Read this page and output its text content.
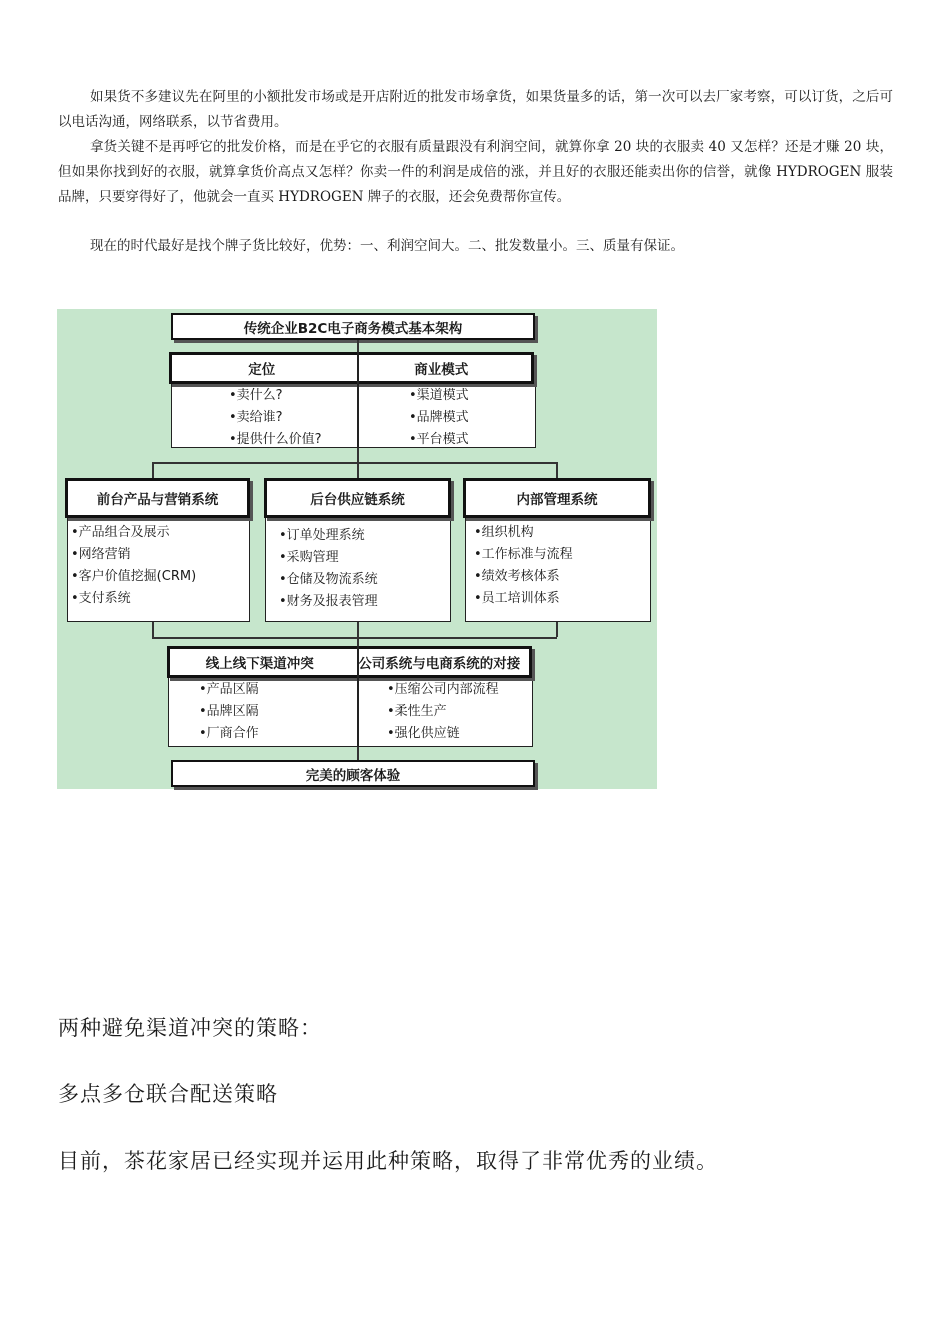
如果货不多建议先在阿里的小额批发市场或是开店附近的批发市场拿货，如果货量多的话，第一次可以去厂家考察，可以订货，之后可以电话沟通，网络联系，以节省费用。

拿货关键不是再呼它的批发价格，而是在乎它的衣服有质量跟没有利润空间，就算你拿 20 块的衣服卖 40 又怎样？还是才赚 20 块，但如果你找到好的衣服，就算拿货价高点又怎样？你卖一件的利润是成倍的涨，并且好的衣服还能卖出你的信誉，就像 HYDROGEN 服装 品牌，只要穿得好了，他就会一直买 HYDROGEN 牌子的衣服，还会免费帮你宣传。

现在的时代最好是找个牌子货比较好，优势：一、利润空间大。二、批发数量小。三、质量有保证。

传统企业B2C电子商务模式基本架构
定位	商业模式
•卖什么?
•卖给谁?
•提供什么价值?
•渠道模式
•品牌模式
•平台模式
前台产品与营销系统
•产品组合及展示
•网络营销
•客户价值挖掘(CRM)
•支付系统
后台供应链系统
•订单处理系统
•采购管理
•仓储及物流系统
•财务及报表管理
内部管理系统
•组织机构
•工作标准与流程
•绩效考核体系
•员工培训体系
线上线下渠道冲突	公司系统与电商系统的对接
•产品区隔
•品牌区隔
•厂商合作
•压缩公司内部流程
•柔性生产
•强化供应链
完美的顾客体验

两种避免渠道冲突的策略：

多点多仓联合配送策略

目前，茶花家居已经实现并运用此种策略，取得了非常优秀的业绩。
